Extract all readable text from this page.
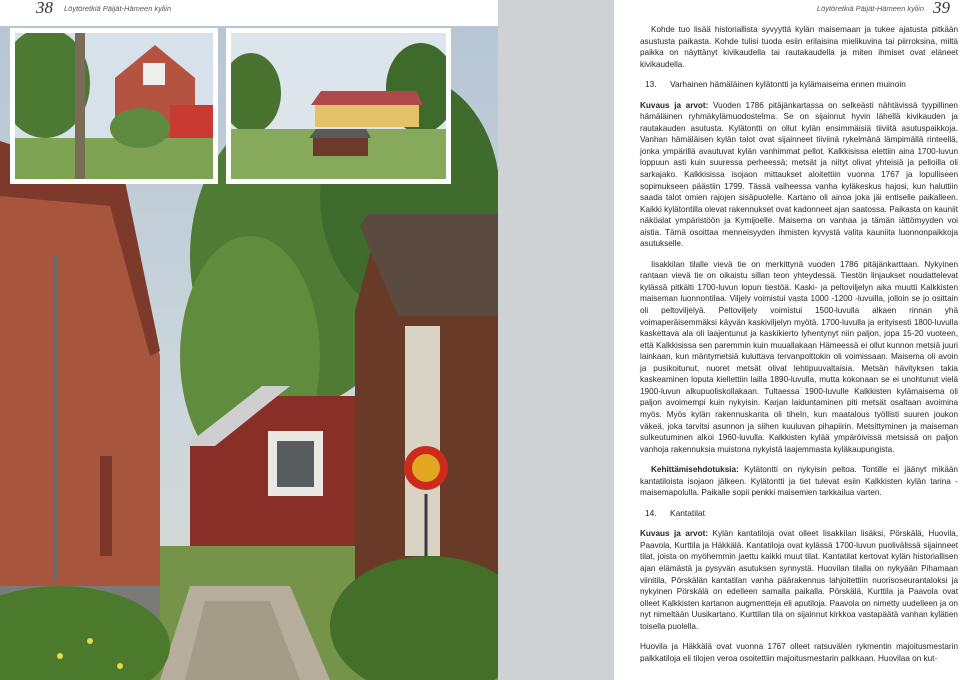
38 Löytöretkiä Päijät-Hämeen kyliin	Löytöretkiä Päijät-Hämeen kyliin 39

Kohde tuo lisää historiallista syvyyttä kylän maisemaan ja tukee ajatusta pitkään asustusta paikasta. Kohde tulisi tuoda esiin erilaisina mielikuvina tai piirroksina, miltä paikka on näyttänyt kivikaudella tai rautakaudella ja miten ihmiset ovat eläneet kivikaudella.

13. Varhainen hämäläinen kylätontti ja kylämaisema ennen muinoin

Kuvaus ja arvot: Vuoden 1786 pitäjänkartassa on selkeästi nähtävissä tyypillinen hämäläinen ryhmäkylämuodostelma. Se on sijainnut hyvin lähellä kivikauden ja rautakauden asutusta. Kylätontti on ollut kylän ensimmäisiä tiiviitä asutuspaikkoja. Vanhan hämäläisen kylän talot ovat sijainneet tiiviinä rykelmänä lämpimällä rinteellä, jonka ympärillä avautuvat kylän vanhimmat pellot. Kalkkisissa elettiin aina 1700-luvun loppuun asti kuin suuressa perheessä; metsät ja niityt olivat yhteisiä ja pelloilla oli sarkajako. Kalkkisissa isojaon mittaukset aloitettiin vuonna 1767 ja lopulliseen sopimukseen päästiin 1799. Tässä vaiheessa vanha kyläkeskus hajosi, kun haluttiin saada talot omien rajojen sisäpuolelle. Kartano oli ainoa joka jäi entiselle paikalleen. Kaikki kylätontilla olevat rakennukset ovat kadonneet ajan saatossa. Paikasta on kauniit näköalat ympäristöön ja Kymijoelle. Maisema on vanhaa ja tämän iättömyyden voi aistia. Tämä osoittaa menneisyyden ihmisten kyvystä valita kauniita luonnonpaikkoja asutukselle.

Iisakkilan tilalle vievä tie on merkittynä vuoden 1786 pitäjänkarttaan. Nykyinen rantaan vievä tie on oikaistu sillan teon yhteydessä. Tiestön linjaukset noudattelevat kylässä pitkälti 1700-luvun lopun tiestöä. Kaski- ja peltoviljelyn aika muutti Kalkkisten maiseman luonnontilaa. Viljely voimistui vasta 1000 -1200 -luvuilla, jolloin se jo osittain oli peltoviljelyä. Peltoviljely voimistui 1500-luvulla alkaen rinnan yhä voimaperäisemmäksi käyvän kaskiviljelyn myötä. 1700-luvulla ja erityisesti 1800-luvulla kaskettava ala oli laajentunut ja kaskikierto lyhentynyt niin paljon, jopa 15-20 vuoteen, että Kalkkisissa sen paremmin kuin muuallakaan Hämeessä ei ollut kunnon metsiä juuri lainkaan, kun mäntymetsiä kuluttava tervanpolttokin oli voimissaan. Maisema oli avoin ja pusikoitunut, nuoret metsät olivat lehtipuuvaltaisia. Metsän hävityksen takia kaskeaminen loputa kiellettiin lailla 1890-luvulla, mutta kokonaan se ei unohtunut vielä 1900-luvun alkupuoliskollakaan. Tultaessa 1900-luvulle Kalkkisten kylämaisema oli paljon avoimempi kuin nykyisin. Karjan laiduntaminen piti metsät osaltaan avoimina myös. Myös kylän rakennuskanta oli tiheIn, kun maatalous työllisti suuren joukon väkeä, joka tarvitsi asunnon ja siihen kuuluvan pihapiirin. Metsittyminen ja maiseman sulkeutuminen alkoi 1960-luvulla. Kalkkisten kylää ympäröivissä metsissä on paljon vanhoja rakennuksia muistona nykyistä laajemmasta kyläkaupungista.

Kehittämisehdotuksia: Kylätontti on nykyisin peltoa. Tontille ei jäänyt mikään kantatiloista isojaon jälkeen. Kylätontti ja tiet tulevat esiin Kalkkisten kylän tarina -maisemapolulla. Paikalle sopii penkki maisemien tarkkailua varten.

14. Kantatilat

Kuvaus ja arvot: Kylän kantatiloja ovat olleet Iisakkilan lisäksi, Pörskälä, Huovila, Paavola, Kurttila ja Häkkälä. Kantatiloja ovat kylässä 1700-luvun puolivälissä sijainneet tilat, joista on myöhemmin jaettu kaikki muut tilat. Kantatilat kertovat kylän historiallisen ajan elämästä ja pysyvän asutuksen synnystä. Huovilan tilalla on nykyään Pihamaan viinitila, Pörskälän kantatilan vanha päärakennus lahjoitettiin nuorisoseurantaloksi ja nykyinen Pörskälä on edelleen samalla paikalla. Pörskälä, Kurttila ja Paavola ovat olleet Kalkkisten kartanon augmentteja eli aputiloja. Paavola on nimetty uudelleen ja on nyt nimeltään Uusikartano. Kurttilan tila on sijainnut kirkkoa vastapäätä vanhan kylätien toisella puolella.

Huovila ja Häkkälä ovat vuonna 1767 olleet ratsuvälen rykmentin majoitusmestarin palkkatiloja eli tilojen veroa osoitettiin majoitusmestarin palkkaan. Huovilaa on kut-
